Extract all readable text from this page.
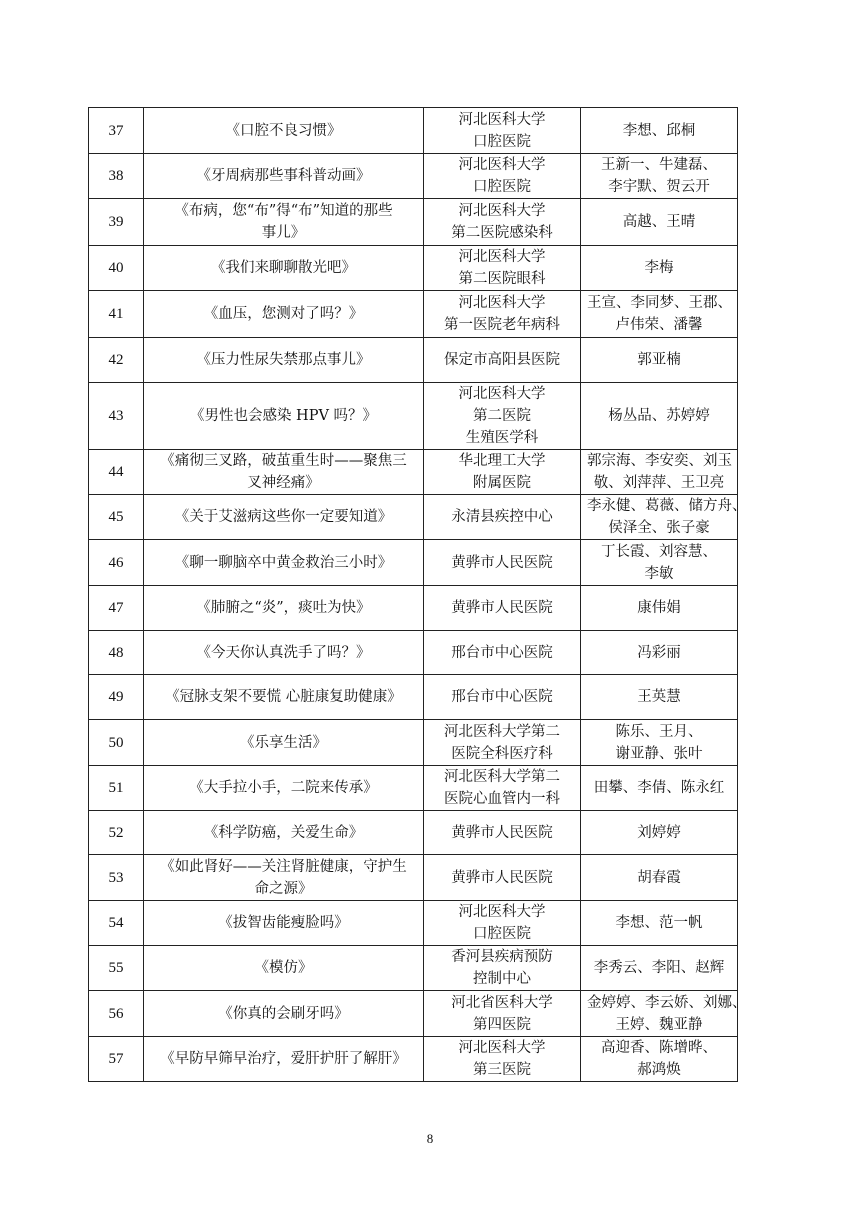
37	《口腔不良习惯》	河北医科大学
口腔医院	李想、邱桐

38	《牙周病那些事科普动画》	河北医科大学
口腔医院	王新一、牛建磊、
李宇默、贺云开

39	《布病，您“布”得“布”知道的那些
事儿》	河北医科大学
第二医院感染科	高越、王晴

40	《我们来聊聊散光吧》	河北医科大学
第二医院眼科	李梅

41	《血压，您测对了吗？》	河北医科大学
第一医院老年病科	王宣、李同梦、王郡、
卢伟荣、潘馨

42	《压力性尿失禁那点事儿》	保定市高阳县医院	郭亚楠

43	《男性也会感染 HPV 吗？》	河北医科大学
第二医院
生殖医学科	杨丛品、苏婷婷

44	《痛彻三叉路，破茧重生时——聚焦三
叉神经痛》	华北理工大学
附属医院	郭宗海、李安奕、刘玉
敬、刘萍萍、王卫亮

45	《关于艾滋病这些你一定要知道》	永清县疾控中心	李永健、葛薇、储方舟、
侯泽全、张子豪

46	《聊一聊脑卒中黄金救治三小时》	黄骅市人民医院	丁长霞、刘容慧、
李敏

47	《肺腑之“炎”，痰吐为快》	黄骅市人民医院	康伟娟

48	《今天你认真洗手了吗？》	邢台市中心医院	冯彩丽

49	《冠脉支架不要慌 心脏康复助健康》	邢台市中心医院	王英慧

50	《乐享生活》	河北医科大学第二
医院全科医疗科	陈乐、王月、
谢亚静、张叶

51	《大手拉小手，二院来传承》	河北医科大学第二
医院心血管内一科	田攀、李倩、陈永红

52	《科学防癌，关爱生命》	黄骅市人民医院	刘婷婷

53	《如此肾好——关注肾脏健康，守护生
命之源》	黄骅市人民医院	胡春霞

54	《拔智齿能瘦脸吗》	河北医科大学
口腔医院	李想、范一帆

55	《模仿》	香河县疾病预防
控制中心	李秀云、李阳、赵辉

56	《你真的会刷牙吗》	河北省医科大学
第四医院	金婷婷、李云娇、刘娜、
王婷、魏亚静

57	《早防早筛早治疗，爱肝护肝了解肝》	河北医科大学
第三医院	高迎香、陈增晔、
郝鸿焕
8
